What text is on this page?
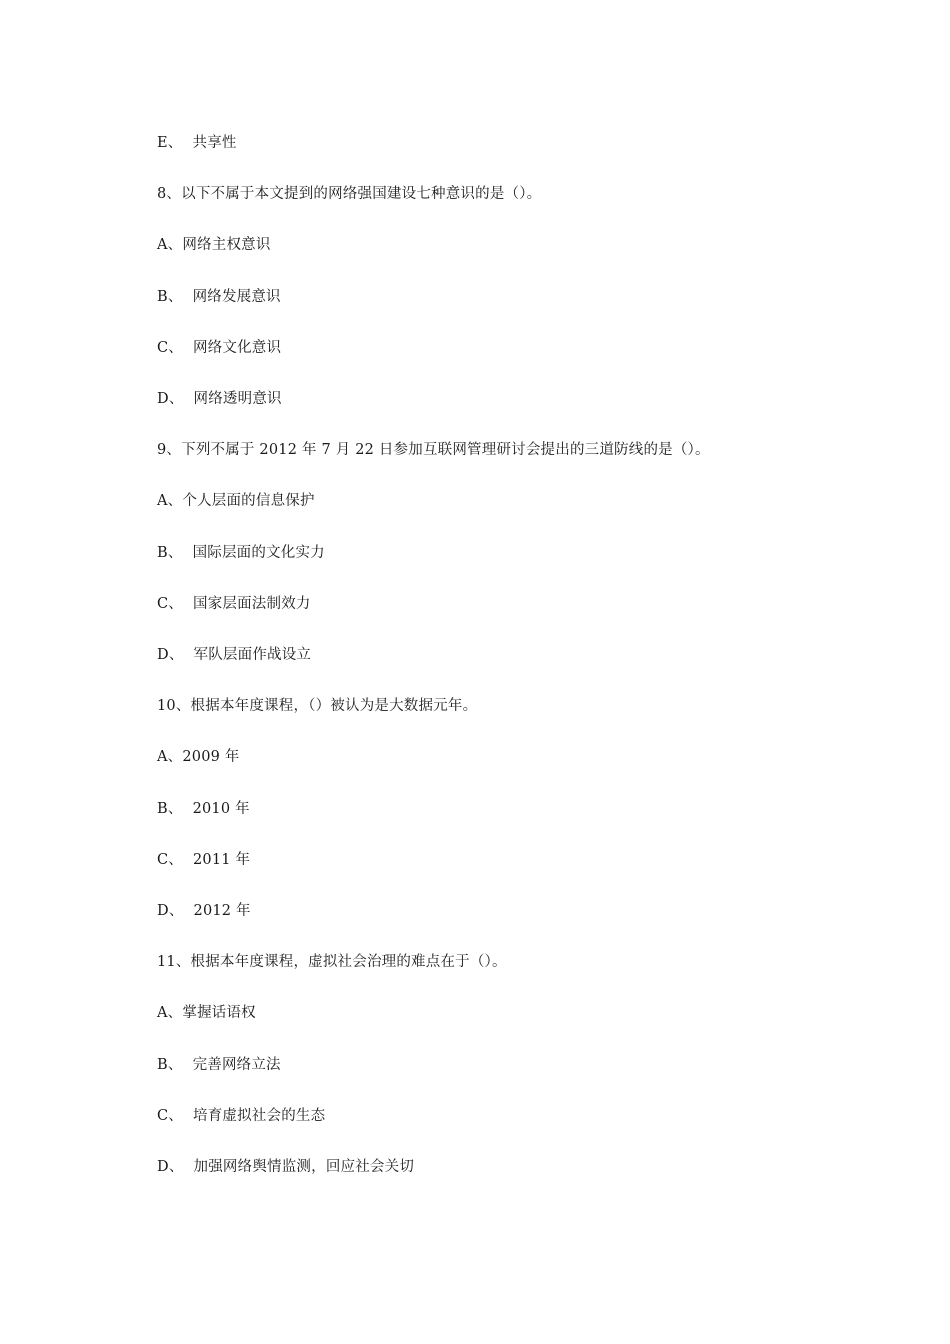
E、 共享性
8、以下不属于本文提到的网络强国建设七种意识的是（）。
A、网络主权意识
B、 网络发展意识
C、 网络文化意识
D、 网络透明意识
9、下列不属于 2012 年 7 月 22 日参加互联网管理研讨会提出的三道防线的是（）。
A、个人层面的信息保护
B、 国际层面的文化实力
C、 国家层面法制效力
D、 军队层面作战设立
10、根据本年度课程，（）被认为是大数据元年。
A、2009 年
B、 2010 年
C、 2011 年
D、 2012 年
11、根据本年度课程，虚拟社会治理的难点在于（）。
A、掌握话语权
B、 完善网络立法
C、 培育虚拟社会的生态
D、 加强网络舆情监测，回应社会关切
